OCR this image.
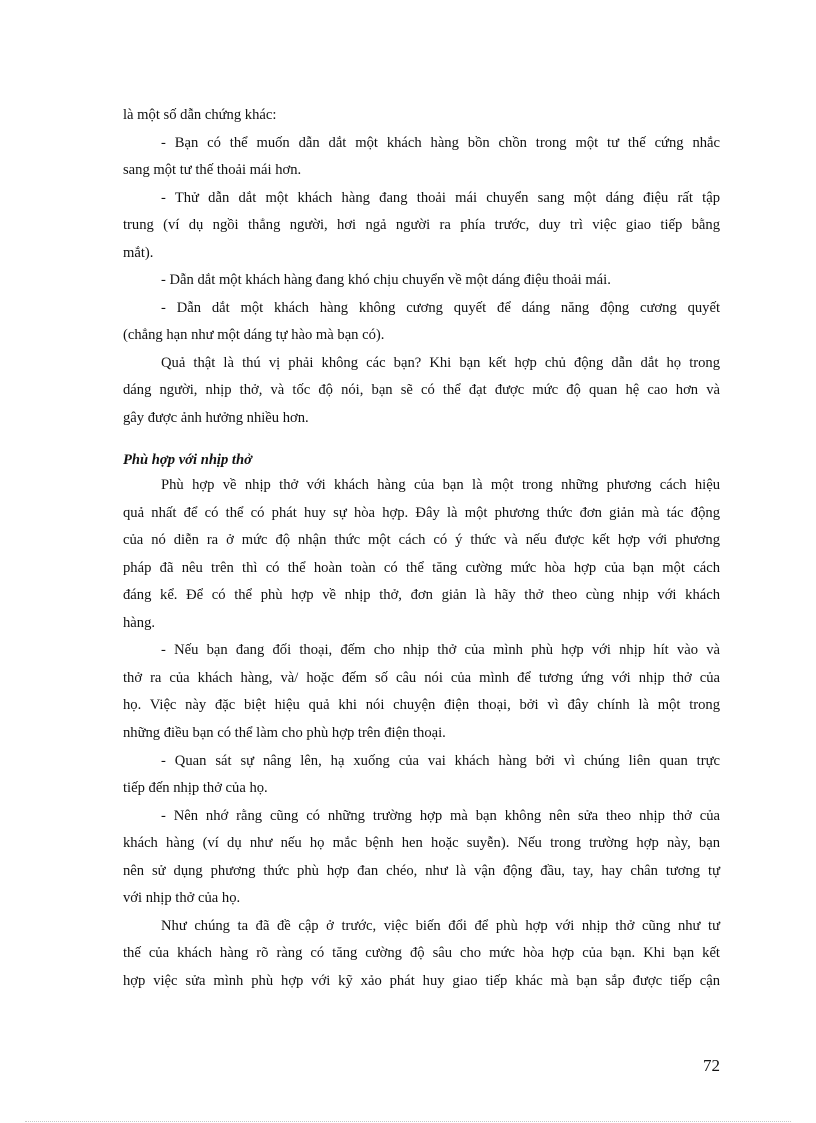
là một số dẫn chứng khác:
- Bạn có thể muốn dẫn dắt một khách hàng bồn chồn trong một tư thế cứng nhắc
sang một tư thế thoải mái hơn.
- Thử dẫn dắt một khách hàng đang thoải mái chuyển sang một dáng điệu rất tập
trung (ví dụ ngồi thẳng người, hơi ngả người ra phía trước, duy trì việc giao tiếp bằng
mắt).
- Dẫn dắt một khách hàng đang khó chịu chuyển về một dáng điệu thoải mái.
- Dẫn dắt một khách hàng không cương quyết để dáng năng động cương quyết
(chẳng hạn như một dáng tự hào mà bạn có).
Quả thật là thú vị phải không các bạn? Khi bạn kết hợp chủ động dẫn dắt họ trong
dáng người, nhịp thở, và tốc độ nói, bạn sẽ có thể đạt được mức độ quan hệ cao hơn và
gây được ảnh hưởng nhiều hơn.
Phù hợp với nhịp thở
Phù hợp về nhịp thở với khách hàng của bạn là một trong những phương cách hiệu
quả nhất để có thể có phát huy sự hòa hợp. Đây là một phương thức đơn giản mà tác động
của nó diễn ra ở mức độ nhận thức một cách có ý thức và nếu được kết hợp với phương
pháp đã nêu trên thì có thể hoàn toàn có thể tăng cường mức hòa hợp của bạn một cách
đáng kể. Để có thể phù hợp về nhịp thở, đơn giản là hãy thở theo cùng nhịp với khách
hàng.
- Nếu bạn đang đối thoại, đếm cho nhịp thở của mình phù hợp với nhịp hít vào và
thở ra của khách hàng, và/ hoặc đếm số câu nói của mình để tương ứng với nhịp thở của
họ. Việc này đặc biệt hiệu quả khi nói chuyện điện thoại, bởi vì đây chính là một trong
những điều bạn có thể làm cho phù hợp trên điện thoại.
- Quan sát sự nâng lên, hạ xuống của vai khách hàng bởi vì chúng liên quan trực
tiếp đến nhịp thở của họ.
- Nên nhớ rằng cũng có những trường hợp mà bạn không nên sửa theo nhịp thở của
khách hàng (ví dụ như nếu họ mắc bệnh hen hoặc suyễn). Nếu trong trường hợp này, bạn
nên sử dụng phương thức phù hợp đan chéo, như là vận động đầu, tay, hay chân tương tự
với nhịp thở của họ.
Như chúng ta đã đề cập ở trước, việc biến đổi để phù hợp với nhịp thở cũng như tư
thế của khách hàng rõ ràng có tăng cường độ sâu cho mức hòa hợp của bạn. Khi bạn kết
hợp việc sửa mình phù hợp với kỹ xảo phát huy giao tiếp khác mà bạn sắp được tiếp cận
72
